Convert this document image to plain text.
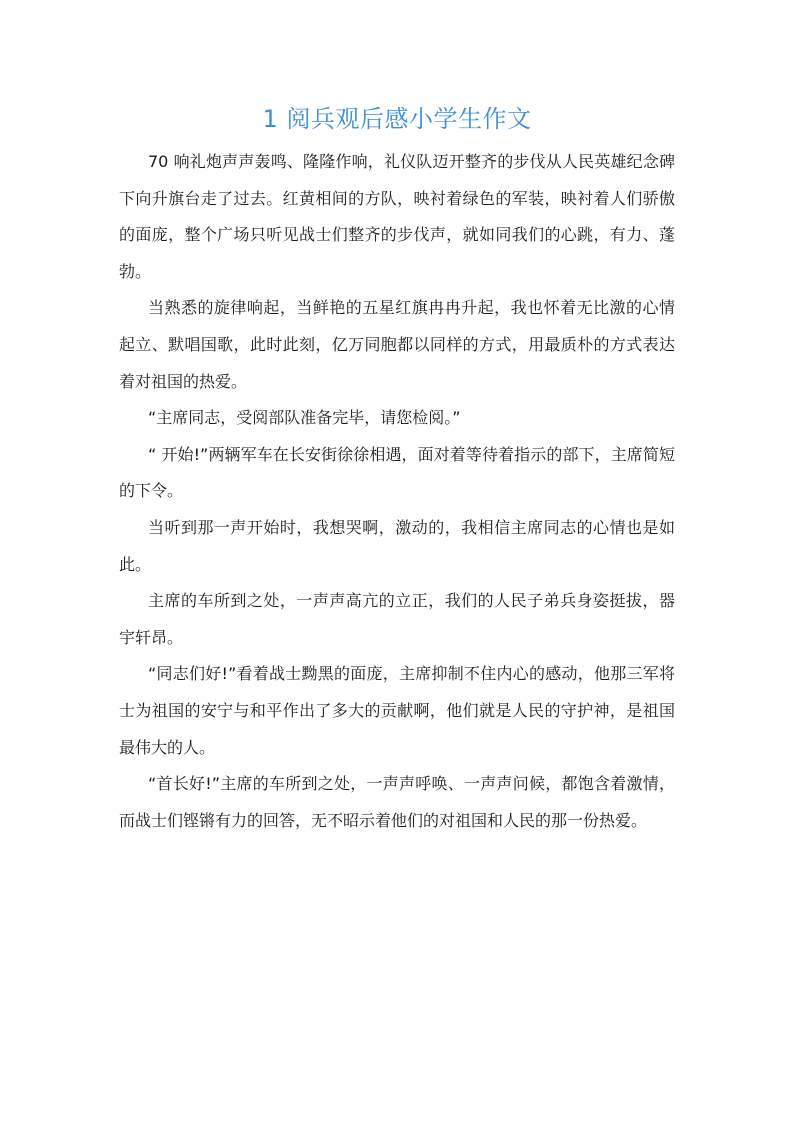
1 阅兵观后感小学生作文

70 响礼炮声声轰鸣、隆隆作响，礼仪队迈开整齐的步伐从人民英雄纪念碑下向升旗台走了过去。红黄相间的方队，映衬着绿色的军装，映衬着人们骄傲的面庞，整个广场只听见战士们整齐的步伐声，就如同我们的心跳，有力、蓬勃。

当熟悉的旋律响起，当鲜艳的五星红旗冉冉升起，我也怀着无比激的心情起立、默唱国歌，此时此刻，亿万同胞都以同样的方式，用最质朴的方式表达着对祖国的热爱。

“主席同志，受阅部队准备完毕，请您检阅。”

“ 开始!”两辆军车在长安街徐徐相遇，面对着等待着指示的部下，主席简短的下令。

当听到那一声开始时，我想哭啊，激动的，我相信主席同志的心情也是如此。

主席的车所到之处，一声声高亢的立正，我们的人民子弟兵身姿挺拔，器宇轩昂。

“同志们好!”看着战士黝黑的面庞，主席抑制不住内心的感动，他那三军将士为祖国的安宁与和平作出了多大的贡献啊，他们就是人民的守护神，是祖国最伟大的人。

“首长好!”主席的车所到之处，一声声呼唤、一声声问候，都饱含着激情，而战士们铿锵有力的回答，无不昭示着他们的对祖国和人民的那一份热爱。
